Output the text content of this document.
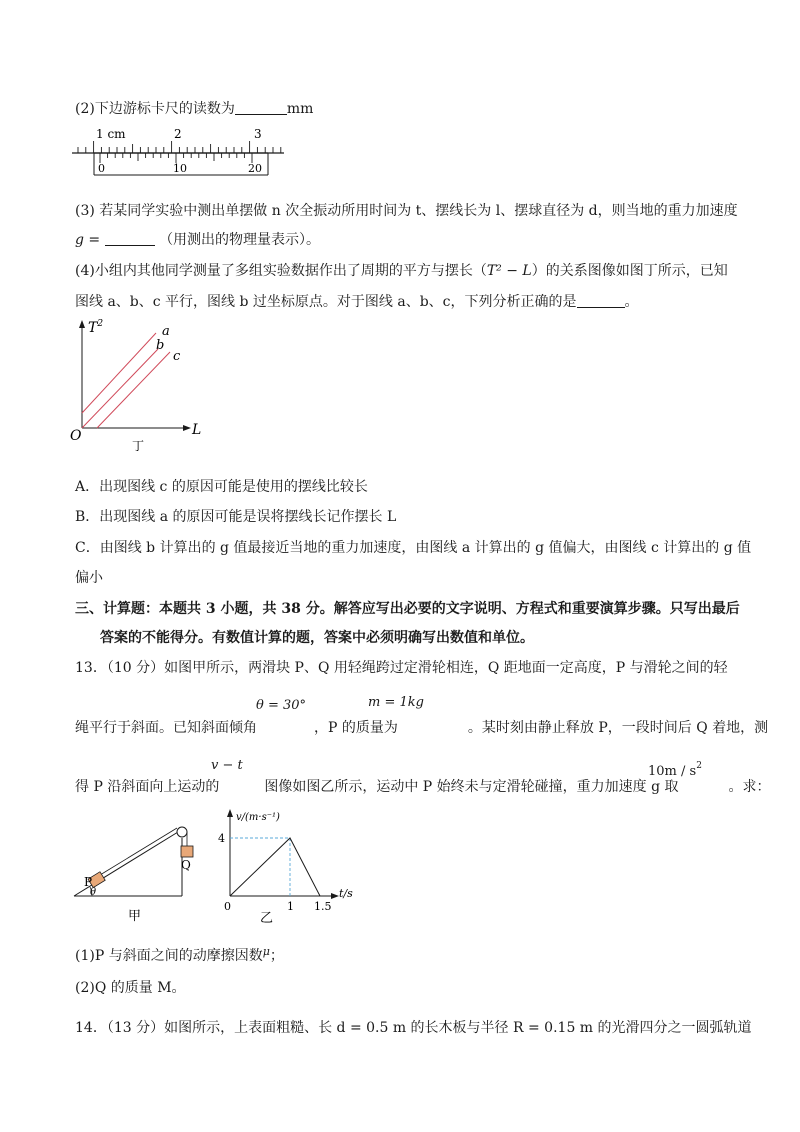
(2)下边游标卡尺的读数为	mm
1 cm	2	3
0	10	20
(3) 若某同学实验中测出单摆做 n 次全振动所用时间为 t、摆线长为 l、摆球直径为 d，则当地的重力加速度
g =	（用测出的物理量表示）。
(4)小组内其他同学测量了多组实验数据作出了周期的平方与摆长（T² − L）的关系图像如图丁所示，已知
图线 a、b、c 平行，图线 b 过坐标原点。对于图线 a、b、c，下列分析正确的是	。
$T^2$
L
O
a
b
c
丁
A．出现图线 c 的原因可能是使用的摆线比较长
B．出现图线 a 的原因可能是误将摆线长记作摆长 L
C．由图线 b 计算出的 g 值最接近当地的重力加速度，由图线 a 计算出的 g 值偏大，由图线 c 计算出的 g 值
偏小
三、计算题：本题共 3 小题，共 38 分。解答应写出必要的文字说明、方程式和重要演算步骤。只写出最后
答案的不能得分。有数值计算的题，答案中必须明确写出数值和单位。
13．（10 分）如图甲所示，两滑块 P、Q 用轻绳跨过定滑轮相连，Q 距地面一定高度，P 与滑轮之间的轻
θ = 30°	m = 1kg
绳平行于斜面。已知斜面倾角	，P 的质量为	。某时刻由静止释放 P，一段时间后 Q 着地，测
v − t	$10m / s^2$
得 P 沿斜面向上运动的	图像如图乙所示，运动中 P 始终未与定滑轮碰撞，重力加速度 g 取	。求：
P
θ
Q
甲
v/(m·s⁻¹)
t/s
4
0	1 1.5
乙
(1)P 与斜面之间的动摩擦因数$^\mu$；
(2)Q 的质量 M。
14．（13 分）如图所示，上表面粗糙、长 d = 0.5 m 的长木板与半径 R = 0.15 m 的光滑四分之一圆弧轨道
